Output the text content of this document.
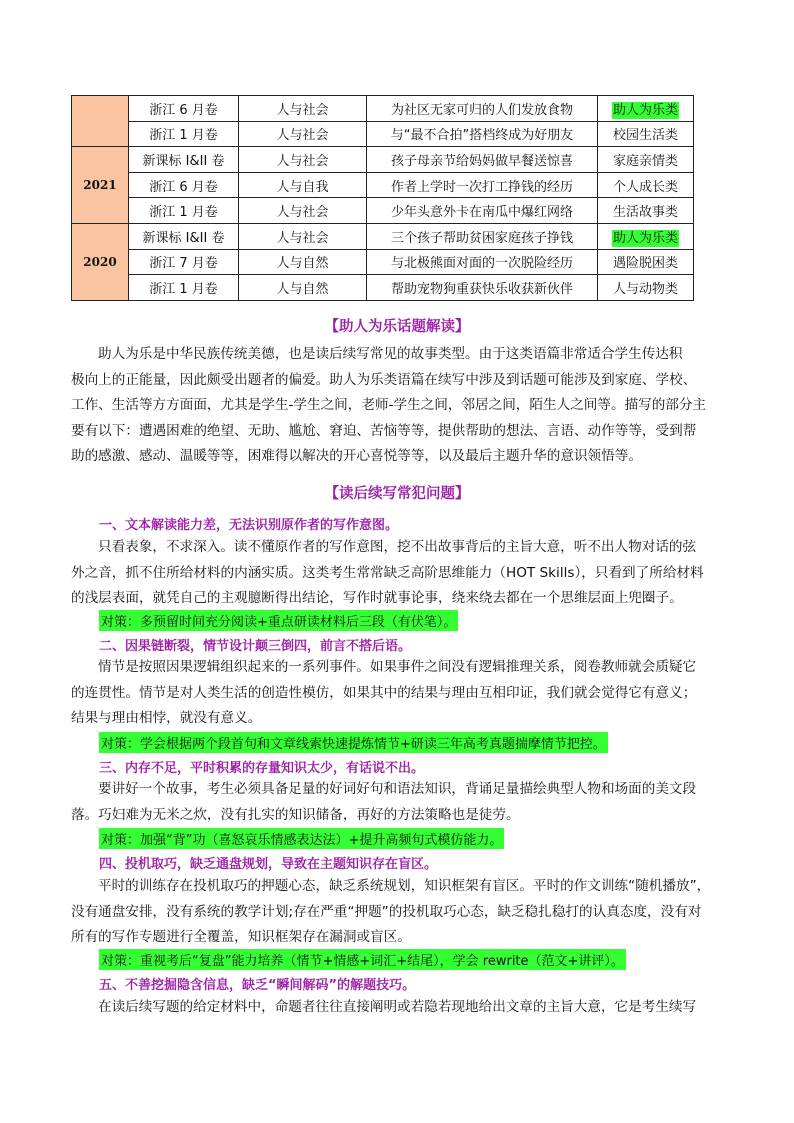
	浙江 6 月卷	人与社会	为社区无家可归的人们发放食物	助人为乐类
	浙江 1 月卷	人与社会	与“最不合拍”搭档终成为好朋友	校园生活类
2021	新课标 I&II 卷	人与社会	孩子母亲节给妈妈做早餐送惊喜	家庭亲情类
	浙江 6 月卷	人与自我	作者上学时一次打工挣钱的经历	个人成长类
	浙江 1 月卷	人与社会	少年头意外卡在南瓜中爆红网络	生活故事类
2020	新课标 I&II 卷	人与社会	三个孩子帮助贫困家庭孩子挣钱	助人为乐类
	浙江 7 月卷	人与自然	与北极熊面对面的一次脱险经历	遇险脱困类
	浙江 1 月卷	人与自然	帮助宠物狗重获快乐收获新伙伴	人与动物类
【助人为乐话题解读】
助人为乐是中华民族传统美德，也是读后续写常见的故事类型。由于这类语篇非常适合学生传达积
极向上的正能量，因此颇受出题者的偏爱。助人为乐类语篇在续写中涉及到话题可能涉及到家庭、学校、
工作、生活等方方面面，尤其是学生-学生之间，老师-学生之间，邻居之间，陌生人之间等。描写的部分主
要有以下：遭遇困难的绝望、无助、尴尬、窘迫、苦恼等等，提供帮助的想法、言语、动作等等，受到帮
助的感激、感动、温暖等等，困难得以解决的开心喜悦等等，以及最后主题升华的意识领悟等。
【读后续写常犯问题】
一、文本解读能力差，无法识别原作者的写作意图。
只看表象，不求深入。读不懂原作者的写作意图，挖不出故事背后的主旨大意，听不出人物对话的弦
外之音，抓不住所给材料的内涵实质。这类考生常常缺乏高阶思维能力（HOT Skills），只看到了所给材料
的浅层表面，就凭自己的主观臆断得出结论，写作时就事论事，绕来绕去都在一个思维层面上兜圈子。
对策：多预留时间充分阅读+重点研读材料后三段（有伏笔）。
二、因果链断裂，情节设计颠三倒四，前言不搭后语。
情节是按照因果逻辑组织起来的一系列事件。如果事件之间没有逻辑推理关系，阅卷教师就会质疑它
的连贯性。情节是对人类生活的创造性模仿，如果其中的结果与理由互相印证，我们就会觉得它有意义；
结果与理由相悖，就没有意义。
对策：学会根据两个段首句和文章线索快速提炼情节+研读三年高考真题揣摩情节把控。
三、内存不足，平时积累的存量知识太少，有话说不出。
要讲好一个故事，考生必须具备足量的好词好句和语法知识，背诵足量描绘典型人物和场面的美文段
落。巧妇难为无米之炊，没有扎实的知识储备，再好的方法策略也是徒劳。
对策：加强“背”功（喜怒哀乐情感表达法）+提升高频句式模仿能力。
四、投机取巧，缺乏通盘规划，导致在主题知识存在盲区。
平时的训练存在投机取巧的押题心态，缺乏系统规划，知识框架有盲区。平时的作文训练“随机播放”，
没有通盘安排，没有系统的教学计划;存在严重“押题”的投机取巧心态，缺乏稳扎稳打的认真态度，没有对
所有的写作专题进行全覆盖，知识框架存在漏洞或盲区。
对策：重视考后“复盘”能力培养（情节+情感+词汇+结尾），学会 rewrite（范文+讲评）。
五、不善挖掘隐含信息，缺乏“瞬间解码”的解题技巧。
在读后续写题的给定材料中，命题者往往直接阐明或若隐若现地给出文章的主旨大意，它是考生续写
